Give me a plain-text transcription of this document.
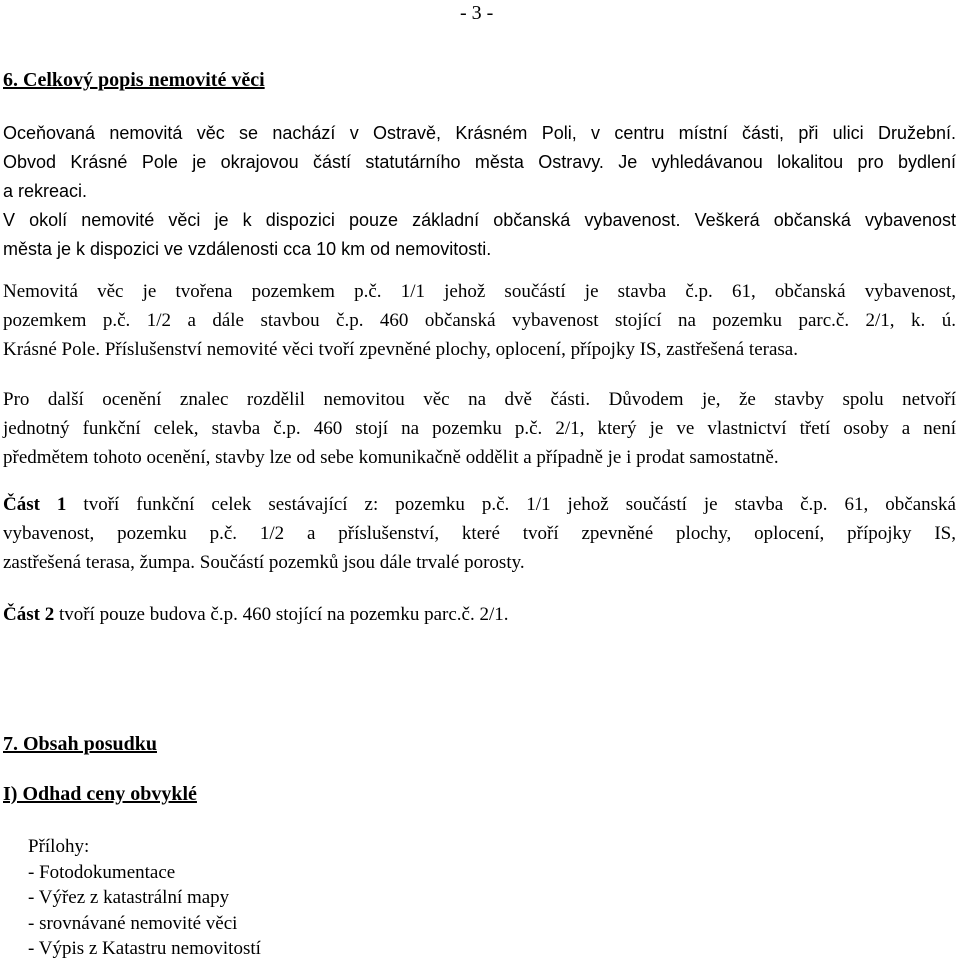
- 3 -
6. Celkový popis nemovité věci
Oceňovaná nemovitá věc se nachází v Ostravě, Krásném Poli, v centru místní části, při ulici Družební.
Obvod Krásné Pole je okrajovou částí statutárního města Ostravy. Je vyhledávanou lokalitou pro bydlení
a rekreaci.
V okolí nemovité věci je k dispozici pouze základní občanská vybavenost. Veškerá občanská vybavenost
města je k dispozici ve vzdálenosti cca 10 km od nemovitosti.
Nemovitá věc je tvořena pozemkem p.č. 1/1 jehož součástí je stavba č.p. 61, občanská vybavenost,
pozemkem p.č. 1/2 a dále stavbou č.p. 460 občanská vybavenost stojící na pozemku parc.č. 2/1, k. ú.
Krásné Pole. Příslušenství nemovité věci tvoří zpevněné plochy, oplocení, přípojky IS, zastřešená terasa.
Pro další ocenění znalec rozdělil nemovitou věc na dvě části. Důvodem je, že stavby spolu netvoří
jednotný funkční celek, stavba č.p. 460 stojí na pozemku p.č. 2/1, který je ve vlastnictví třetí osoby a není
předmětem tohoto ocenění, stavby lze od sebe komunikačně oddělit a případně je i prodat samostatně.
Část 1 tvoří funkční celek sestávající z: pozemku p.č. 1/1 jehož součástí je stavba č.p. 61, občanská
vybavenost, pozemku p.č. 1/2 a příslušenství, které tvoří zpevněné plochy, oplocení, přípojky IS,
zastřešená terasa, žumpa. Součástí pozemků jsou dále trvalé porosty.
Část 2 tvoří pouze budova č.p. 460 stojící na pozemku parc.č. 2/1.
7. Obsah posudku
I) Odhad ceny obvyklé
Přílohy:
- Fotodokumentace
- Výřez z katastrální mapy
- srovnávané nemovité věci
- Výpis z Katastru nemovitostí
